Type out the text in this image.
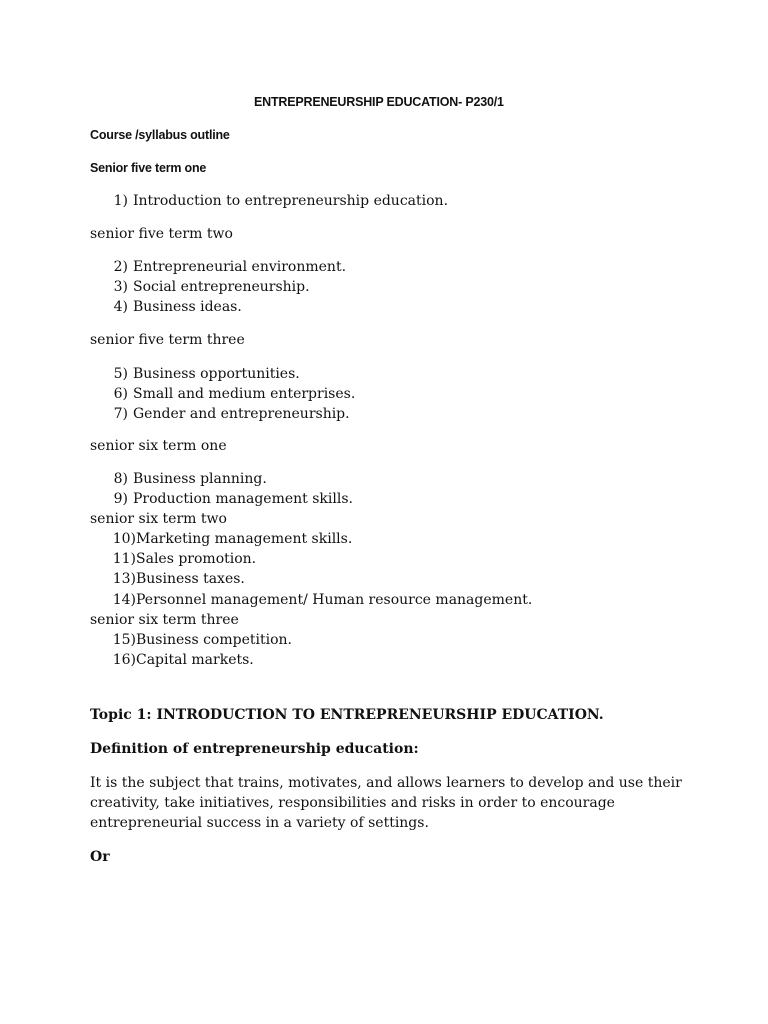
ENTREPRENEURSHIP EDUCATION- P230/1

Course /syllabus outline

Senior five term one

1) Introduction to entrepreneurship education.

senior five term two

2) Entrepreneurial environment.

3) Social entrepreneurship.

4) Business ideas.

senior five term three

5) Business opportunities.

6) Small and medium enterprises.

7) Gender and entrepreneurship.

senior six term one

8) Business planning.

9) Production management skills.

senior six term two

10)Marketing management skills.

11)Sales promotion.

13)Business taxes.

14)Personnel management/ Human resource management.

senior six term three

15)Business competition.

16)Capital markets.

Topic 1: INTRODUCTION TO ENTREPRENEURSHIP EDUCATION.

Definition of entrepreneurship education:

It is the subject that trains, motivates, and allows learners to develop and use their creativity, take initiatives, responsibilities and risks in order to encourage entrepreneurial success in a variety of settings.

Or
